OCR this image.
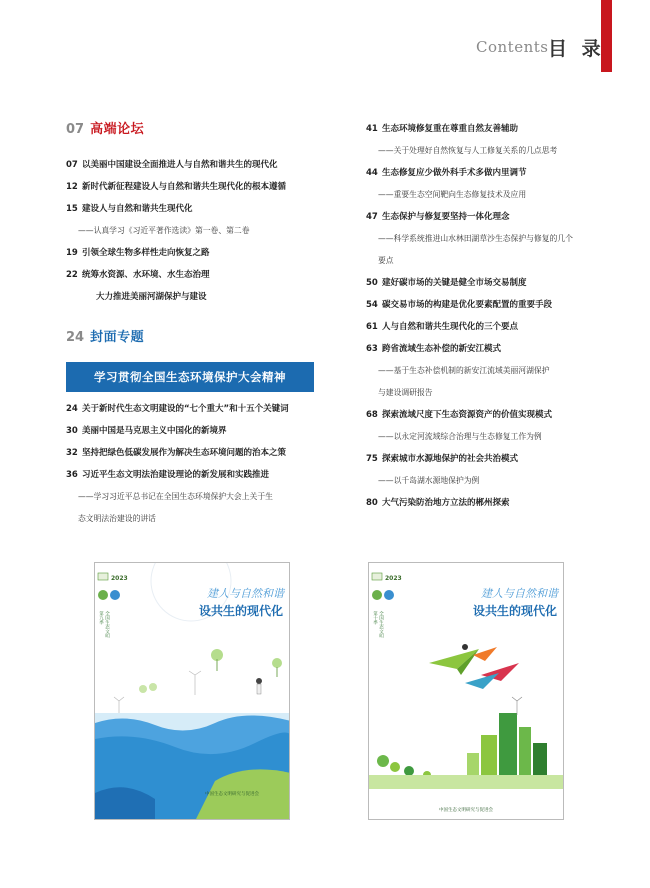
Contents 目 录
07 高端论坛
07 以美丽中国建设全面推进人与自然和谐共生的现代化
12 新时代新征程建设人与自然和谐共生现代化的根本遵循
15 建设人与自然和谐共生现代化
——认真学习《习近平著作选读》第一卷、第二卷
19 引领全球生物多样性走向恢复之路
22 统筹水资源、水环境、水生态治理
大力推进美丽河湖保护与建设
24 封面专题
学习贯彻全国生态环境保护大会精神
24 关于新时代生态文明建设的“七个重大”和十五个关键词
30 美丽中国是马克思主义中国化的新境界
32 坚持把绿色低碳发展作为解决生态环境问题的治本之策
36 习近平生态文明法治建设理论的新发展和实践推进
——学习习近平总书记在全国生态环境保护大会上关于生
态文明法治建设的讲话
41 生态环境修复重在尊重自然友善辅助
——关于处理好自然恢复与人工修复关系的几点思考
44 生态修复应少做外科手术多做内里调节
——重要生态空间靶向生态修复技术及应用
47 生态保护与修复要坚持一体化理念
——科学系统推进山水林田湖草沙生态保护与修复的几个
要点
50 建好碳市场的关键是健全市场交易制度
54 碳交易市场的构建是优化要素配置的重要手段
61 人与自然和谐共生现代化的三个要点
63 跨省流域生态补偿的新安江模式
——基于生态补偿机制的新安江流域美丽河湖保护
与建设调研报告
68 探索流域尺度下生态资源资产的价值实现模式
——以永定河流域综合治理与生态修复工作为例
75 探索城市水源地保护的社会共治模式
——以千岛湖水源地保护为例
80 大气污染防治地方立法的郴州探索
2023
第九季 全国生态文明
建人与自然和谐
设共生的现代化
中国生态文明研究与促进会
2023
第十季 全国生态文明
建人与自然和谐
设共生的现代化
中国生态文明研究与促进会
